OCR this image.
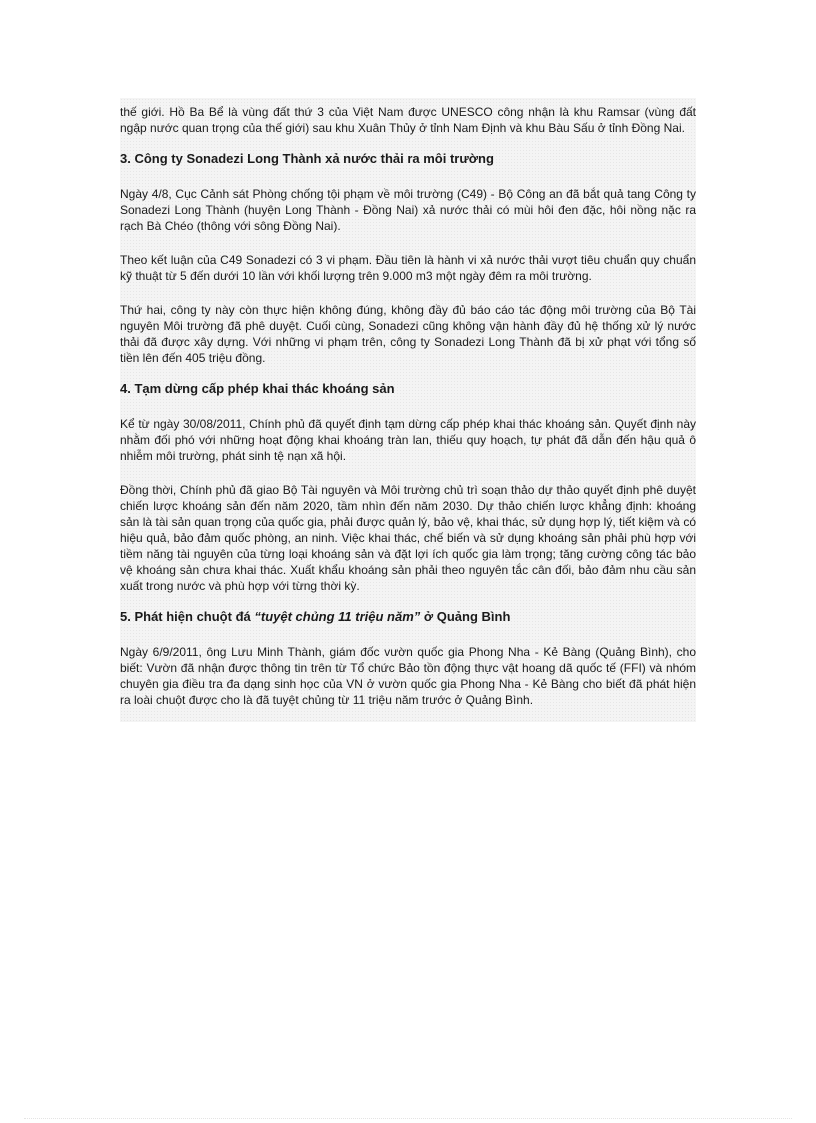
thế giới. Hồ Ba Bể là vùng đất thứ 3 của Việt Nam được UNESCO công nhận là khu Ramsar (vùng đất ngập nước quan trọng của thế giới) sau khu Xuân Thủy ở tỉnh Nam Định và khu Bàu Sấu ở tỉnh Đồng Nai.

3. Công ty Sonadezi Long Thành xả nước thải ra môi trường

Ngày 4/8, Cục Cảnh sát Phòng chống tội phạm về môi trường (C49) - Bộ Công an đã bắt quả tang Công ty Sonadezi Long Thành (huyện Long Thành - Đồng Nai) xả nước thải có mùi hôi đen đặc, hôi nồng nặc ra rạch Bà Chéo (thông với sông Đồng Nai).

Theo kết luận của C49 Sonadezi có 3 vi phạm. Đầu tiên là hành vi xả nước thải vượt tiêu chuẩn quy chuẩn kỹ thuật từ 5 đến dưới 10 lần với khối lượng trên 9.000 m3 một ngày đêm ra môi trường.

Thứ hai, công ty này còn thực hiện không đúng, không đầy đủ báo cáo tác động môi trường của Bộ Tài nguyên Môi trường đã phê duyệt. Cuối cùng, Sonadezi cũng không vận hành đầy đủ hệ thống xử lý nước thải đã được xây dựng. Với những vi phạm trên, công ty Sonadezi Long Thành đã bị xử phạt với tổng số tiền lên đến 405 triệu đồng.

4. Tạm dừng cấp phép khai thác khoáng sản

Kể từ ngày 30/08/2011, Chính phủ đã quyết định tạm dừng cấp phép khai thác khoáng sản. Quyết định này nhằm đối phó với những hoạt động khai khoáng tràn lan, thiếu quy hoạch, tự phát đã dẫn đến hậu quả ô nhiễm môi trường, phát sinh tệ nạn xã hội.

Đồng thời, Chính phủ đã giao Bộ Tài nguyên và Môi trường chủ trì soạn thảo dự thảo quyết định phê duyệt chiến lược khoáng sản đến năm 2020, tầm nhìn đến năm 2030. Dự thảo chiến lược khẳng định: khoáng sản là tài sản quan trọng của quốc gia, phải được quản lý, bảo vệ, khai thác, sử dụng hợp lý, tiết kiệm và có hiệu quả, bảo đảm quốc phòng, an ninh. Việc khai thác, chế biến và sử dụng khoáng sản phải phù hợp với tiềm năng tài nguyên của từng loại khoáng sản và đặt lợi ích quốc gia làm trọng; tăng cường công tác bảo vệ khoáng sản chưa khai thác. Xuất khẩu khoáng sản phải theo nguyên tắc cân đối, bảo đảm nhu cầu sản xuất trong nước và phù hợp với từng thời kỳ.

5. Phát hiện chuột đá “tuyệt chủng 11 triệu năm” ở Quảng Bình

Ngày 6/9/2011, ông Lưu Minh Thành, giám đốc vườn quốc gia Phong Nha - Kẻ Bàng (Quảng Bình), cho biết: Vườn đã nhận được thông tin trên từ Tổ chức Bảo tồn động thực vật hoang dã quốc tế (FFI) và nhóm chuyên gia điều tra đa dạng sinh học của VN ở vườn quốc gia Phong Nha - Kẻ Bàng cho biết đã phát hiện ra loài chuột được cho là đã tuyệt chủng từ 11 triệu năm trước ở Quảng Bình.
